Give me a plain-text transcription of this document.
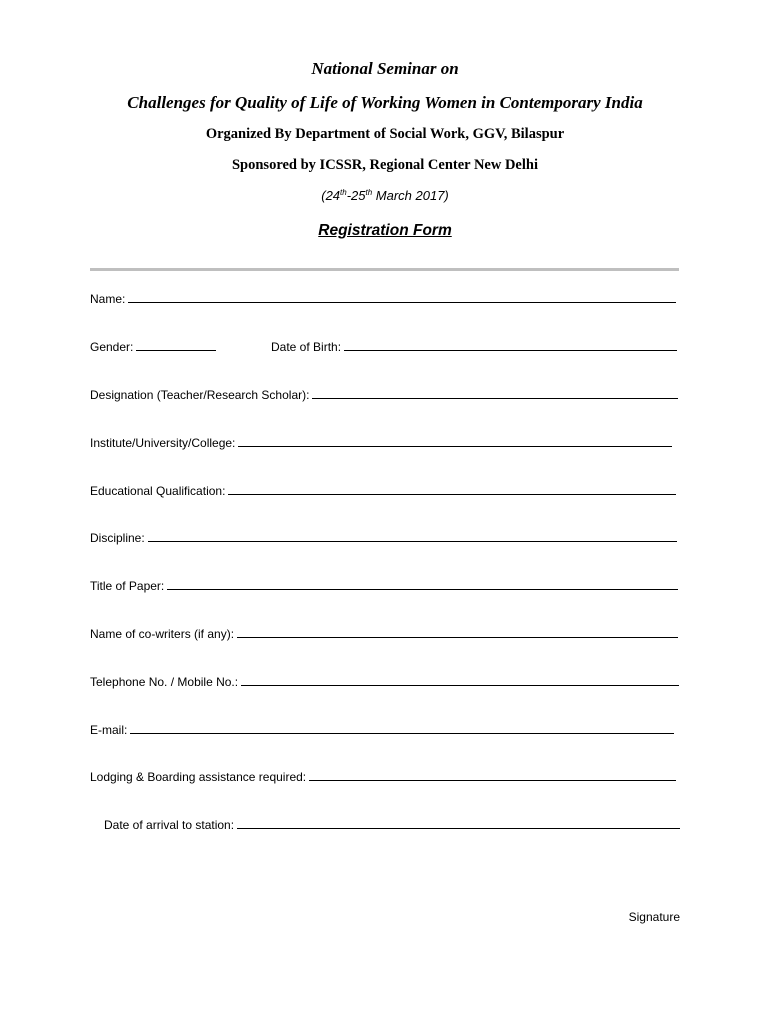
National Seminar on
Challenges for Quality of Life of Working Women in Contemporary India
Organized By Department of Social Work, GGV, Bilaspur
Sponsored by ICSSR, Regional Center New Delhi
(24th-25th March 2017)
Registration Form
Name:
Gender:	Date of Birth:
Designation (Teacher/Research Scholar):
Institute/University/College:
Educational Qualification:
Discipline:
Title of Paper:
Name of co-writers (if any):
Telephone No. / Mobile No.:
E-mail:
Lodging & Boarding assistance required:
Date of arrival to station:
Signature
